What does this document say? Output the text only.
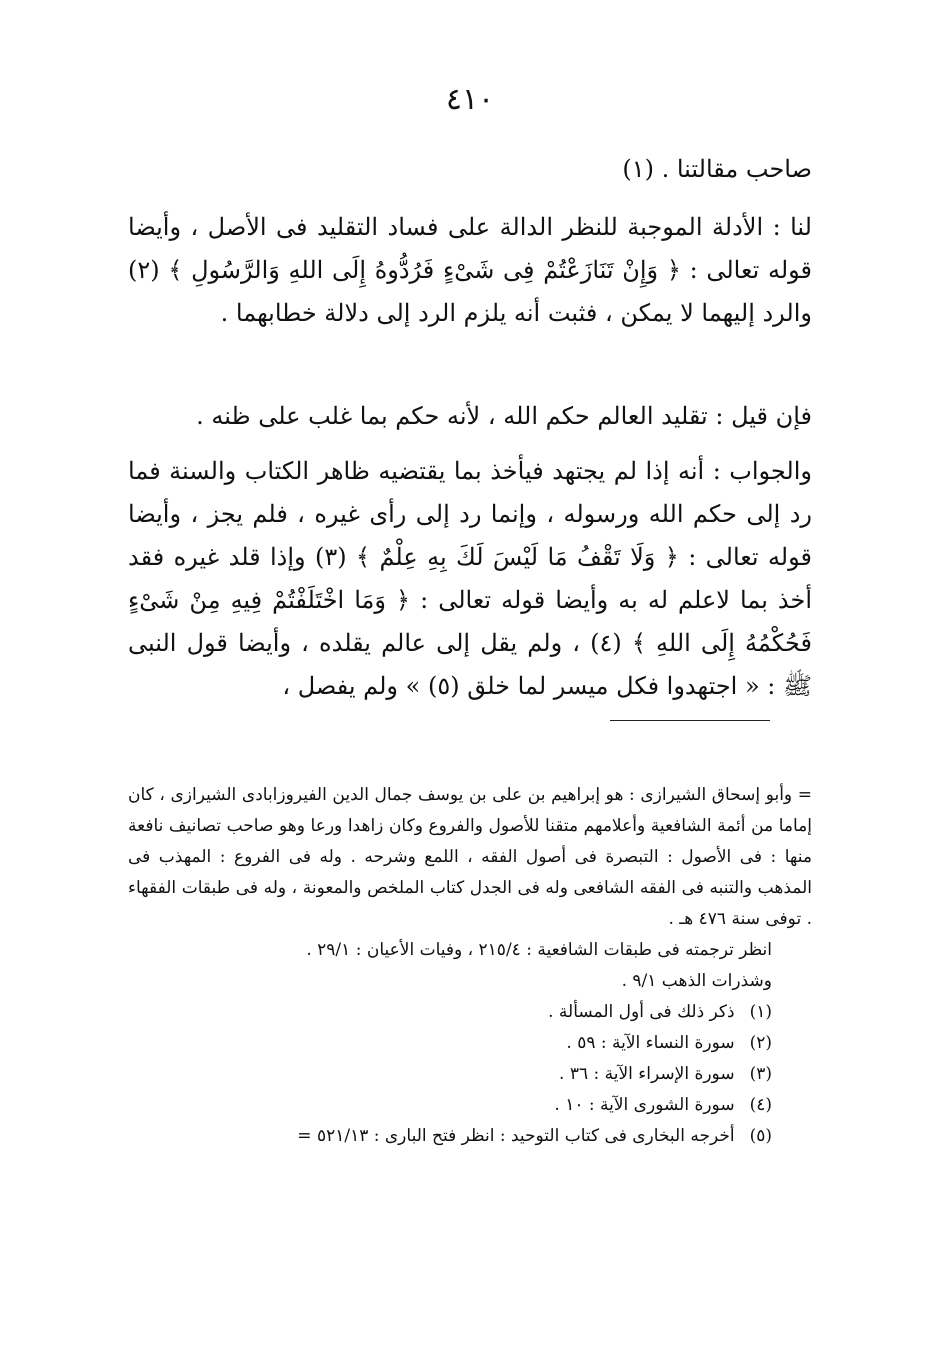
٤١٠

صاحب مقالتنا . (١)

لنا : الأدلة الموجبة للنظر الدالة على فساد التقليد فى الأصل ، وأيضا قوله تعالى : ﴿ وَإِنْ تَنَازَعْتُمْ فِى شَىْءٍ فَرُدُّوهُ إِلَى اللهِ وَالرَّسُولِ ﴾ (٢) والرد إليهما لا يمكن ، فثبت أنه يلزم الرد إلى دلالة خطابهما .

فإن قيل : تقليد العالم حكم الله ، لأنه حكم بما غلب على ظنه .

والجواب : أنه إذا لم يجتهد فيأخذ بما يقتضيه ظاهر الكتاب والسنة فما رد إلى حكم الله ورسوله ، وإنما رد إلى رأى غيره ، فلم يجز ، وأيضا قوله تعالى : ﴿ وَلَا تَقْفُ مَا لَيْسَ لَكَ بِهِ عِلْمٌ ﴾ (٣) وإذا قلد غيره فقد أخذ بما لاعلم له به وأيضا قوله تعالى : ﴿ وَمَا اخْتَلَفْتُمْ فِيهِ مِنْ شَىْءٍ فَحُكْمُهُ إِلَى اللهِ ﴾ (٤) ، ولم يقل إلى عالم يقلده ، وأيضا قول النبى ﷺ : « اجتهدوا فكل ميسر لما خلق (٥) » ولم يفصل ،

= وأبو إسحاق الشيرازى : هو إبراهيم بن على بن يوسف جمال الدين الفيروزابادى الشيرازى ، كان إماما من أئمة الشافعية وأعلامهم متقنا للأصول والفروع وكان زاهدا ورعا وهو صاحب تصانيف نافعة منها : فى الأصول : التبصرة فى أصول الفقه ، اللمع وشرحه . وله فى الفروع : المهذب فى المذهب والتنبه فى الفقه الشافعى وله فى الجدل كتاب الملخص والمعونة ، وله فى طبقات الفقهاء . توفى سنة ٤٧٦ هـ .

انظر ترجمته فى طبقات الشافعية : ٢١٥/٤ ، وفيات الأعيان : ٢٩/١ .

وشذرات الذهب ٩/١ .

(١) ذكر ذلك فى أول المسألة .
(٢) سورة النساء الآية : ٥٩ .
(٣) سورة الإسراء الآية : ٣٦ .
(٤) سورة الشورى الآية : ١٠ .
(٥) أخرجه البخارى فى كتاب التوحيد : انظر فتح البارى : ٥٢١/١٣ =
